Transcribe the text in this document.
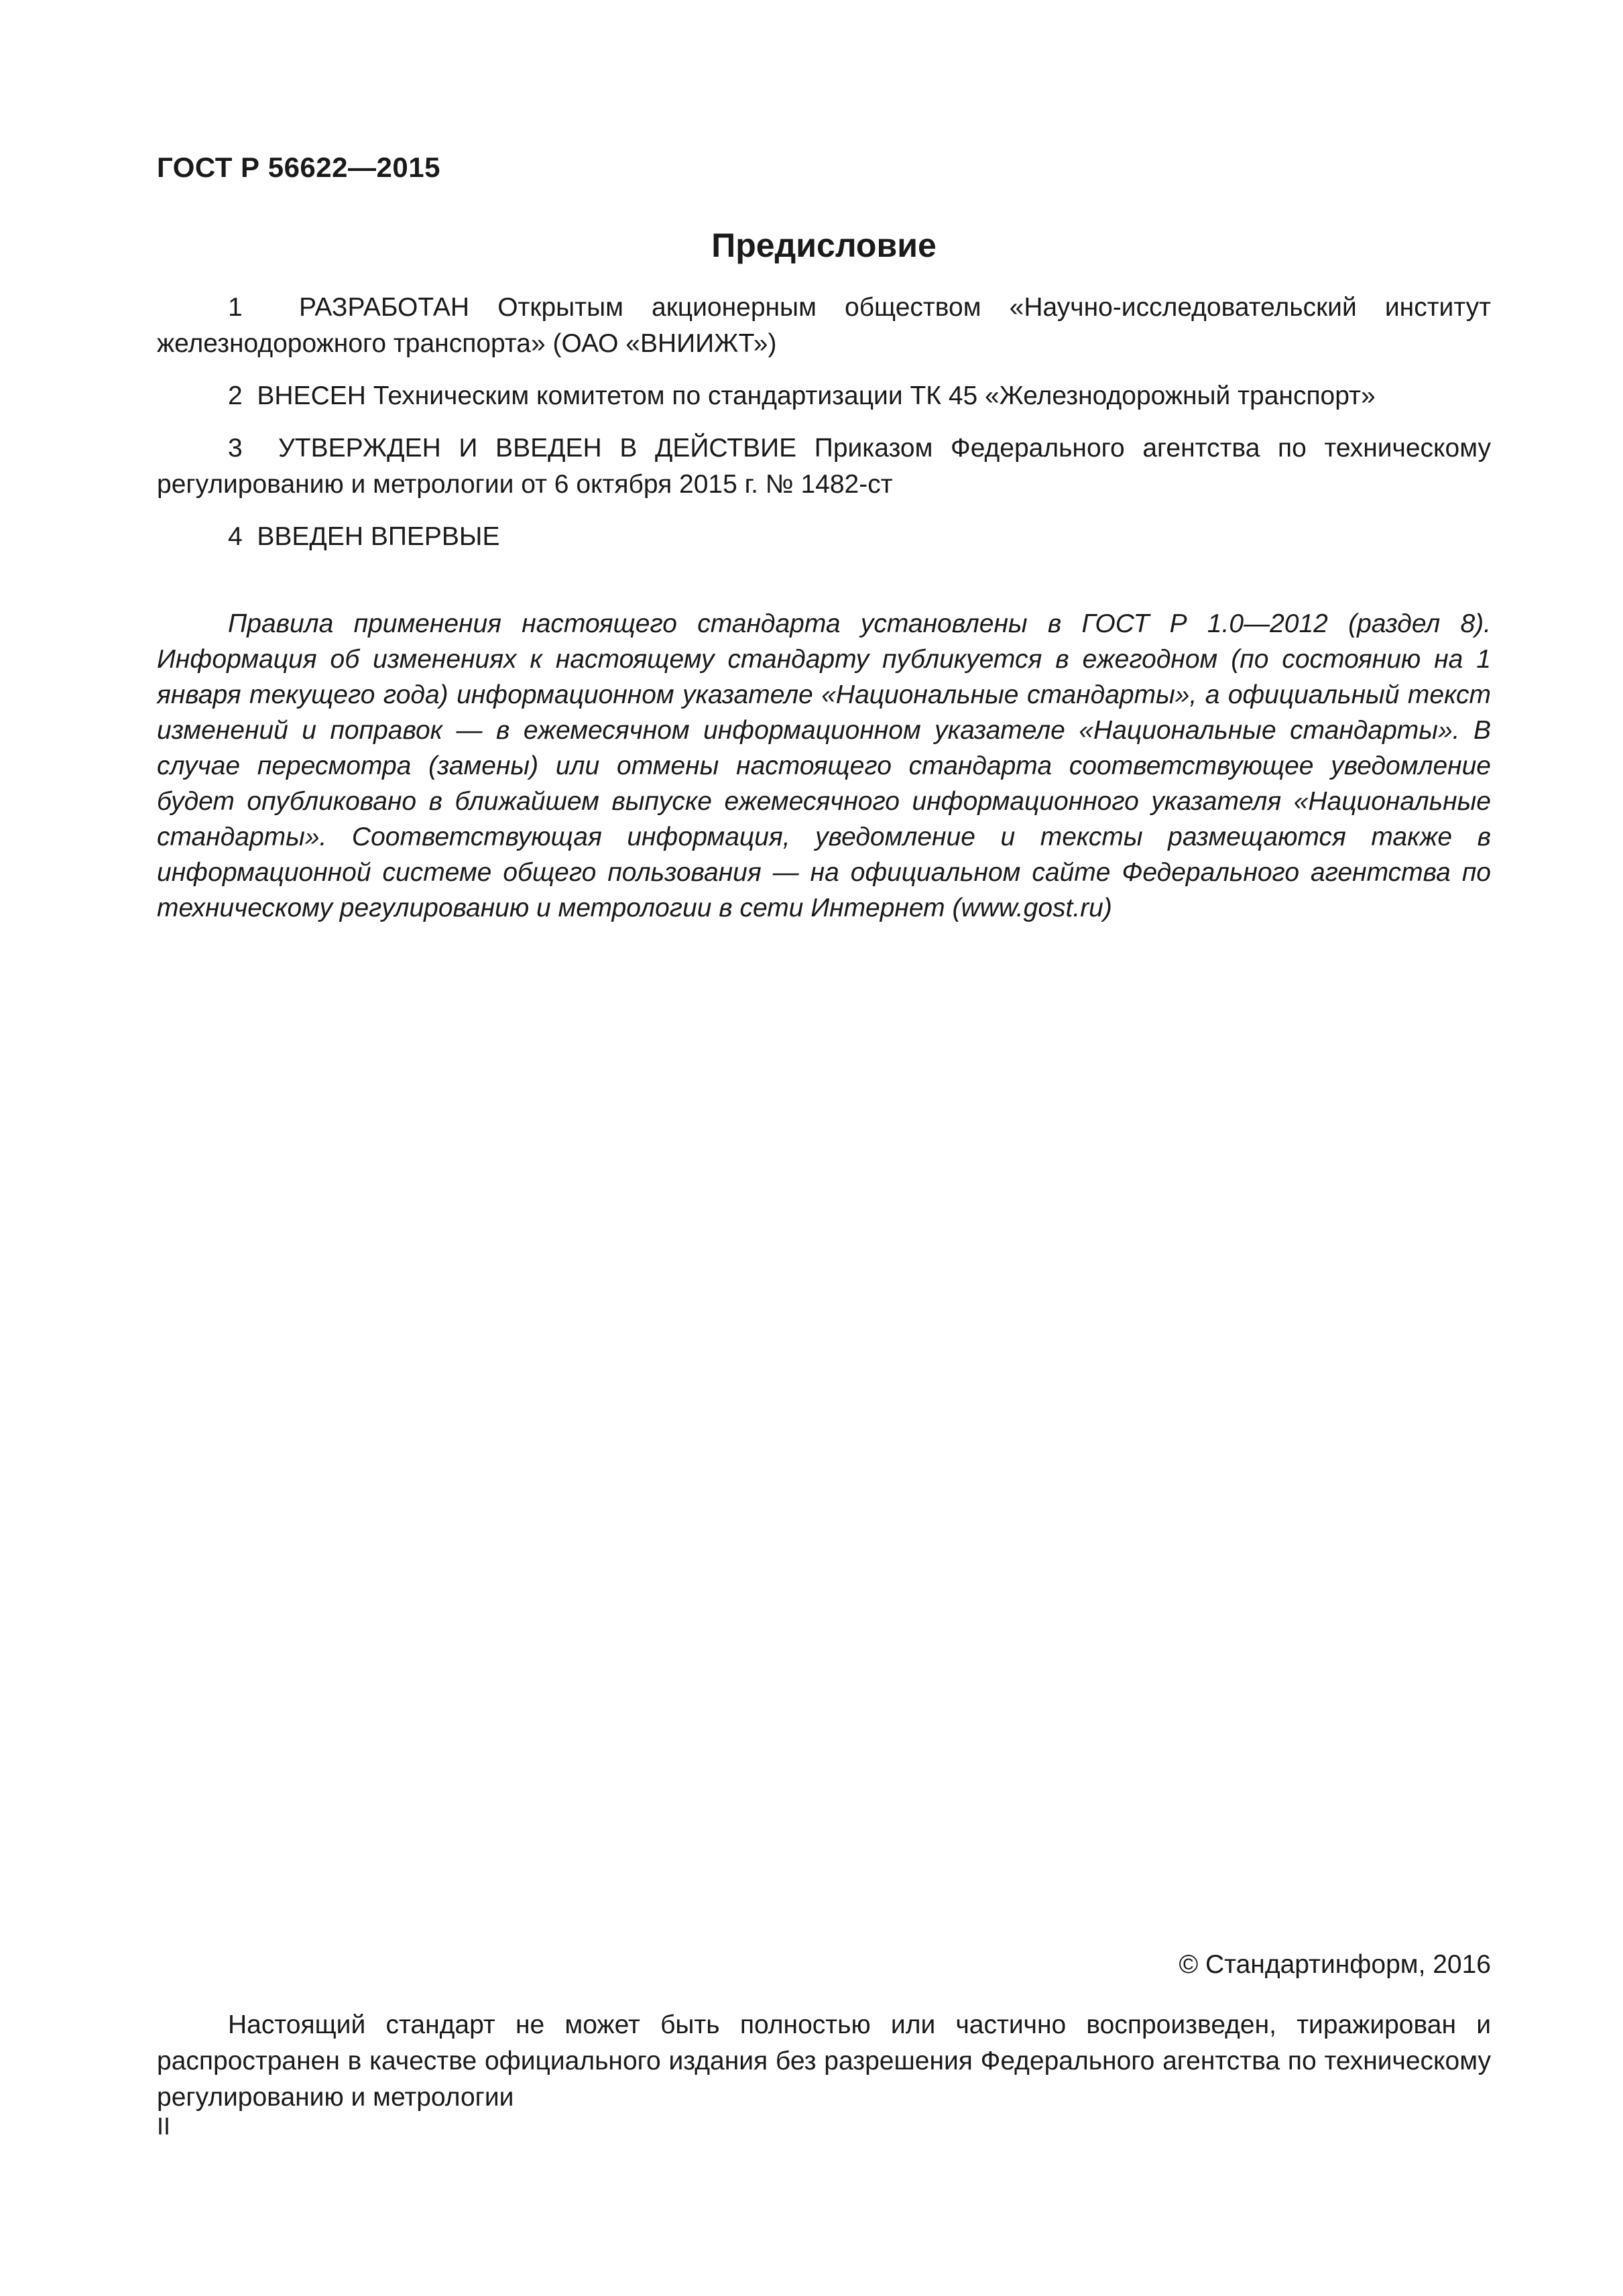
ГОСТ Р 56622—2015
Предисловие
1 РАЗРАБОТАН Открытым акционерным обществом «Научно-исследовательский институт железнодорожного транспорта» (ОАО «ВНИИЖТ»)
2 ВНЕСЕН Техническим комитетом по стандартизации ТК 45 «Железнодорожный транспорт»
3 УТВЕРЖДЕН И ВВЕДЕН В ДЕЙСТВИЕ Приказом Федерального агентства по техническому регулированию и метрологии от 6 октября 2015 г. № 1482-ст
4 ВВЕДЕН ВПЕРВЫЕ

Правила применения настоящего стандарта установлены в ГОСТ Р 1.0—2012 (раздел 8). Информация об изменениях к настоящему стандарту публикуется в ежегодном (по состоянию на 1 января текущего года) информационном указателе «Национальные стандарты», а официальный текст изменений и поправок — в ежемесячном информационном указателе «Национальные стандарты». В случае пересмотра (замены) или отмены настоящего стандарта соответствующее уведомление будет опубликовано в ближайшем выпуске ежемесячного информационного указателя «Национальные стандарты». Соответствующая информация, уведомление и тексты размещаются также в информационной системе общего пользования — на официальном сайте Федерального агентства по техническому регулированию и метрологии в сети Интернет (www.gost.ru)

© Стандартинформ, 2016

Настоящий стандарт не может быть полностью или частично воспроизведен, тиражирован и распространен в качестве официального издания без разрешения Федерального агентства по техническому регулированию и метрологии

II
